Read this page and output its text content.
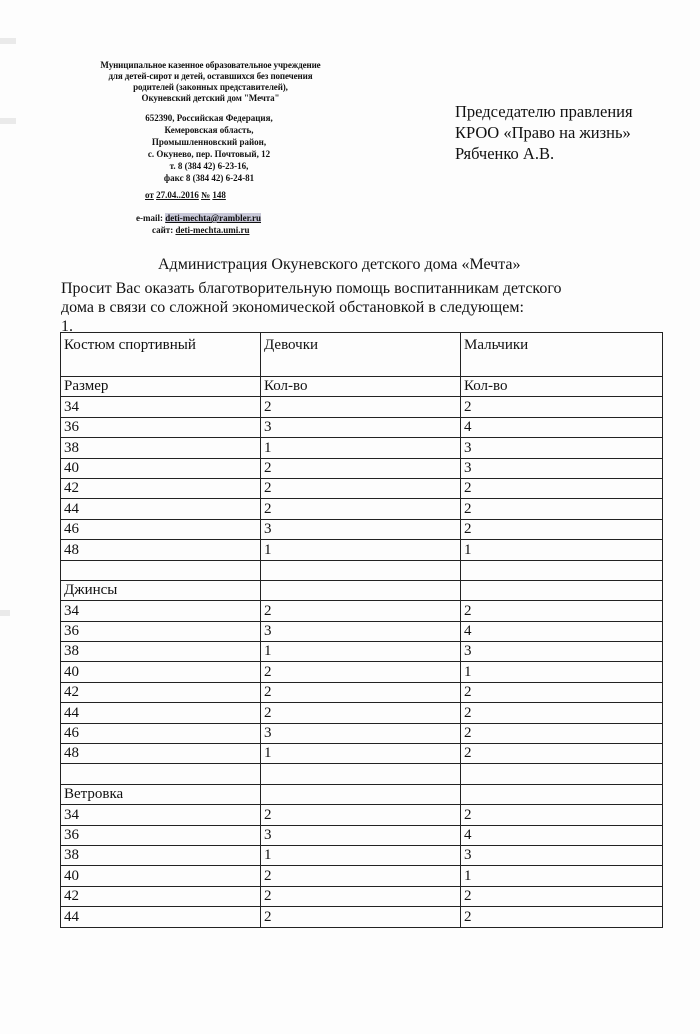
Муниципальное казенное образовательное учреждение
для детей-сирот и детей, оставшихся без попечения
родителей (законных представителей),
Окуневский детский дом "Мечта"
652390, Российская Федерация,
Кемеровская область,
Промышленновский район,
с. Окунево, пер. Почтовый, 12
т. 8 (384 42) 6-23-16,
факс 8 (384 42) 6-24-81
от 27.04..2016 № 148
e-mail: deti-mechta@rambler.ru
сайт: deti-mechta.umi.ru
Председателю правления
КРОО «Право на жизнь»
Рябченко А.В.
Администрация Окуневского детского дома «Мечта»
Просит Вас оказать благотворительную помощь воспитанникам детского
дома в связи со сложной экономической обстановкой в следующем:
1.
Костюм спортивный	Девочки	Мальчики
Размер	Кол-во	Кол-во
34	2	2
36	3	4
38	1	3
40	2	3
42	2	2
44	2	2
46	3	2
48	1	1

Джинсы		
34	2	2
36	3	4
38	1	3
40	2	1
42	2	2
44	2	2
46	3	2
48	1	2

Ветровка		
34	2	2
36	3	4
38	1	3
40	2	1
42	2	2
44	2	2
